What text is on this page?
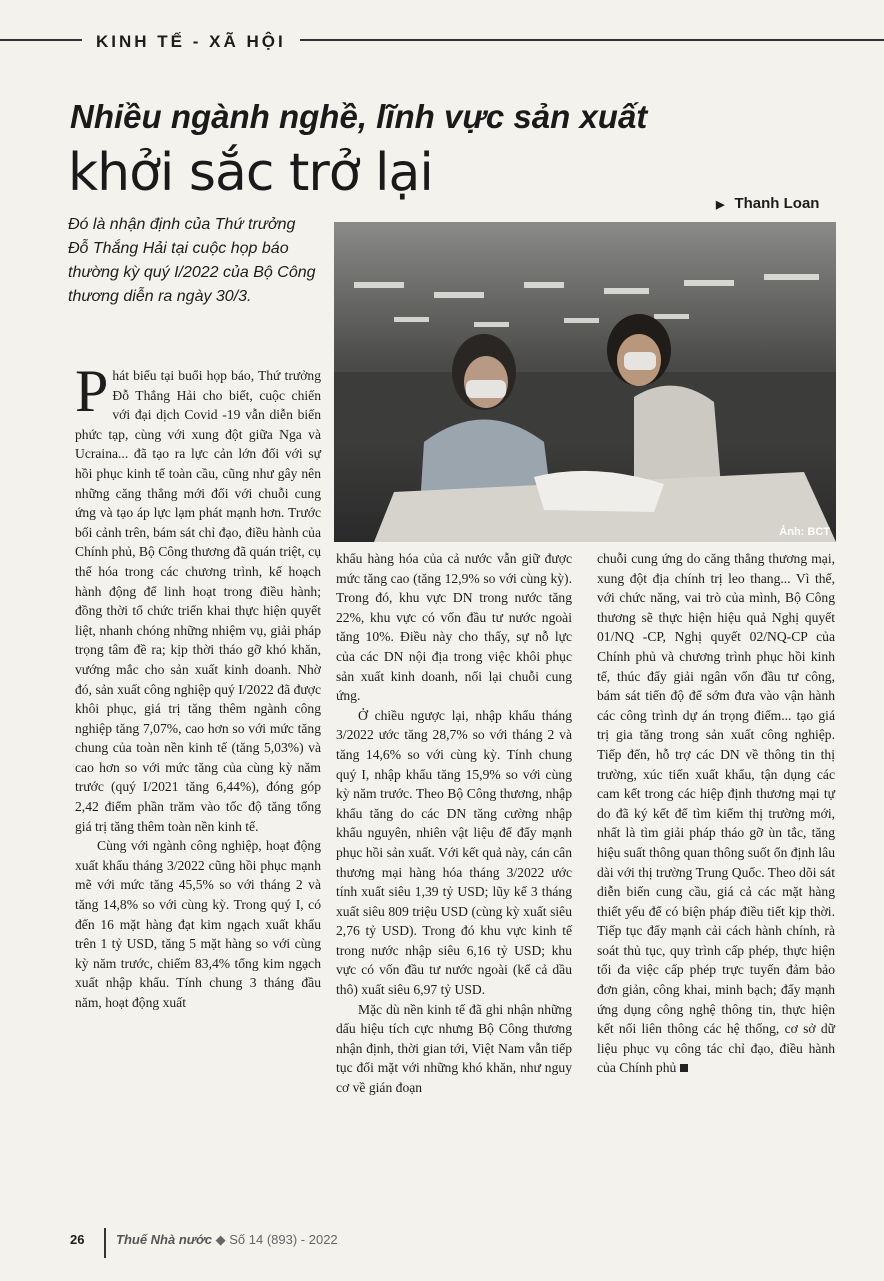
KINH TẾ - XÃ HỘI
Nhiều ngành nghề, lĩnh vực sản xuất
khởi sắc trở lại
▶ Thanh Loan
Đó là nhận định của Thứ trưởng Đỗ Thắng Hải tại cuộc họp báo thường kỳ quý I/2022 của Bộ Công thương diễn ra ngày 30/3.
Ảnh: BCT

Phát biểu tại buổi họp báo, Thứ trưởng Đỗ Thắng Hải cho biết, cuộc chiến với đại dịch Covid -19 vẫn diễn biến phức tạp, cùng với xung đột giữa Nga và Ucraina... đã tạo ra lực cản lớn đối với sự hồi phục kinh tế toàn cầu, cũng như gây nên những căng thẳng mới đối với chuỗi cung ứng và tạo áp lực lạm phát mạnh hơn. Trước bối cảnh trên, bám sát chỉ đạo, điều hành của Chính phủ, Bộ Công thương đã quán triệt, cụ thể hóa trong các chương trình, kế hoạch hành động để linh hoạt trong điều hành; đồng thời tổ chức triển khai thực hiện quyết liệt, nhanh chóng những nhiệm vụ, giải pháp trọng tâm đề ra; kịp thời tháo gỡ khó khăn, vướng mắc cho sản xuất kinh doanh. Nhờ đó, sản xuất công nghiệp quý I/2022 đã được khôi phục, giá trị tăng thêm ngành công nghiệp tăng 7,07%, cao hơn so với mức tăng chung của toàn nền kinh tế (tăng 5,03%) và cao hơn so với mức tăng của cùng kỳ năm trước (quý I/2021 tăng 6,44%), đóng góp 2,42 điểm phần trăm vào tốc độ tăng tổng giá trị tăng thêm toàn nền kinh tế.

Cùng với ngành công nghiệp, hoạt động xuất khẩu tháng 3/2022 cũng hồi phục mạnh mẽ với mức tăng 45,5% so với tháng 2 và tăng 14,8% so với cùng kỳ. Trong quý I, có đến 16 mặt hàng đạt kim ngạch xuất khẩu trên 1 tỷ USD, tăng 5 mặt hàng so với cùng kỳ năm trước, chiếm 83,4% tổng kim ngạch xuất nhập khẩu. Tính chung 3 tháng đầu năm, hoạt động xuất

khẩu hàng hóa của cả nước vẫn giữ được mức tăng cao (tăng 12,9% so với cùng kỳ). Trong đó, khu vực DN trong nước tăng 22%, khu vực có vốn đầu tư nước ngoài tăng 10%. Điều này cho thấy, sự nỗ lực của các DN nội địa trong việc khôi phục sản xuất kinh doanh, nối lại chuỗi cung ứng.

Ở chiều ngược lại, nhập khẩu tháng 3/2022 ước tăng 28,7% so với tháng 2 và tăng 14,6% so với cùng kỳ. Tính chung quý I, nhập khẩu tăng 15,9% so với cùng kỳ năm trước. Theo Bộ Công thương, nhập khẩu tăng do các DN tăng cường nhập khẩu nguyên, nhiên vật liệu để đẩy mạnh phục hồi sản xuất. Với kết quả này, cán cân thương mại hàng hóa tháng 3/2022 ước tính xuất siêu 1,39 tỷ USD; lũy kế 3 tháng xuất siêu 809 triệu USD (cùng kỳ xuất siêu 2,76 tỷ USD). Trong đó khu vực kinh tế trong nước nhập siêu 6,16 tỷ USD; khu vực có vốn đầu tư nước ngoài (kể cả dầu thô) xuất siêu 6,97 tỷ USD.

Mặc dù nền kinh tế đã ghi nhận những dấu hiệu tích cực nhưng Bộ Công thương nhận định, thời gian tới, Việt Nam vẫn tiếp tục đối mặt với những khó khăn, như nguy cơ về gián đoạn

chuỗi cung ứng do căng thẳng thương mại, xung đột địa chính trị leo thang... Vì thế, với chức năng, vai trò của mình, Bộ Công thương sẽ thực hiện hiệu quả Nghị quyết 01/NQ -CP, Nghị quyết 02/NQ-CP của Chính phủ và chương trình phục hồi kinh tế, thúc đẩy giải ngân vốn đầu tư công, bám sát tiến độ để sớm đưa vào vận hành các công trình dự án trọng điểm... tạo giá trị gia tăng trong sản xuất công nghiệp. Tiếp đến, hỗ trợ các DN về thông tin thị trường, xúc tiến xuất khẩu, tận dụng các cam kết trong các hiệp định thương mại tự do đã ký kết để tìm kiếm thị trường mới, nhất là tìm giải pháp tháo gỡ ùn tắc, tăng hiệu suất thông quan thông suốt ổn định lâu dài với thị trường Trung Quốc. Theo dõi sát diễn biến cung cầu, giá cả các mặt hàng thiết yếu để có biện pháp điều tiết kịp thời. Tiếp tục đẩy mạnh cải cách hành chính, rà soát thủ tục, quy trình cấp phép, thực hiện tối đa việc cấp phép trực tuyến đảm bảo đơn giản, công khai, minh bạch; đẩy mạnh ứng dụng công nghệ thông tin, thực hiện kết nối liên thông các hệ thống, cơ sở dữ liệu phục vụ công tác chỉ đạo, điều hành của Chính phủ

26 Thuế Nhà nước ◆ Số 14 (893) - 2022
